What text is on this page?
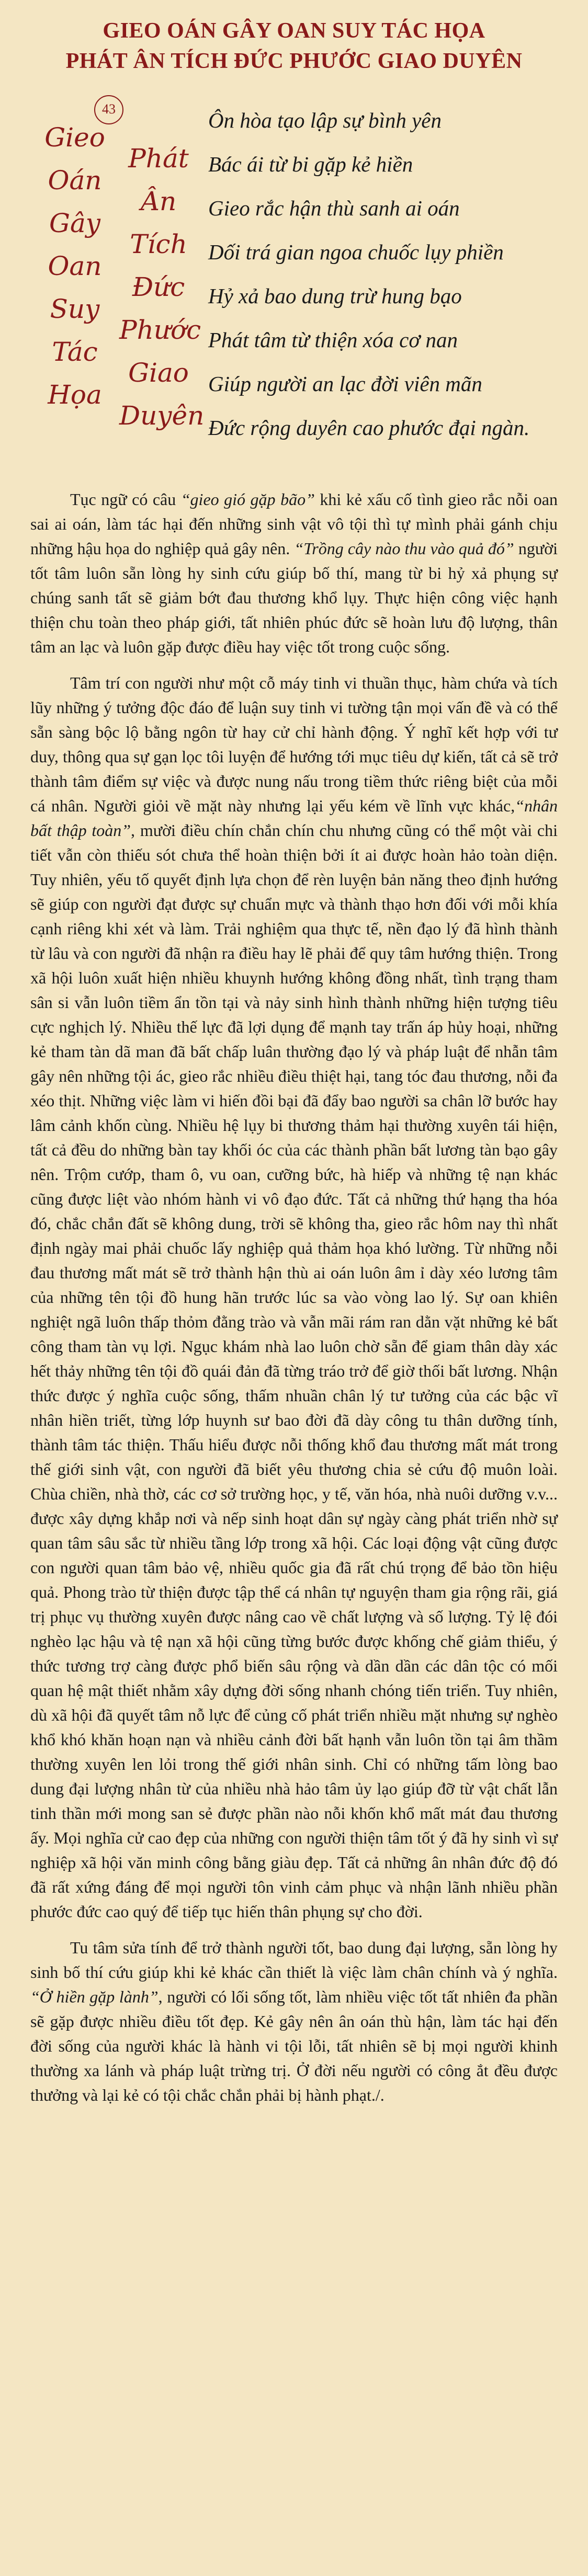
GIEO OÁN GÂY OAN SUY TÁC HỌA
PHÁT ÂN TÍCH ĐỨC PHƯỚC GIAO DUYÊN
43
Gieo
Oán
Gây
Oan
Suy
Tác
Họa
Phát
Ân
Tích
Đức
Phước
Giao
Duyên
Ôn hòa tạo lập sự bình yên
Bác ái từ bi gặp kẻ hiền
Gieo rắc hận thù sanh ai oán
Dối trá gian ngoa chuốc lụy phiền
Hỷ xả bao dung trừ hung bạo
Phát tâm từ thiện xóa cơ nan
Giúp người an lạc đời viên mãn
Đức rộng duyên cao phước đại ngàn.

Tục ngữ có câu “gieo gió gặp bão” khi kẻ xấu cố tình gieo rắc nỗi oan sai ai oán, làm tác hại đến những sinh vật vô tội thì tự mình phải gánh chịu những hậu họa do nghiệp quả gây nên. “Trồng cây nào thu vào quả đó” người tốt tâm luôn sẵn lòng hy sinh cứu giúp bố thí, mang từ bi hỷ xả phụng sự chúng sanh tất sẽ giảm bớt đau thương khổ lụy. Thực hiện công việc hạnh thiện chu toàn theo pháp giới, tất nhiên phúc đức sẽ hoàn lưu độ lượng, thân tâm an lạc và luôn gặp được điều hay việc tốt trong cuộc sống.

Tâm trí con người như một cỗ máy tinh vi thuần thục, hàm chứa và tích lũy những ý tưởng độc đáo để luận suy tinh vi tường tận mọi vấn đề và có thể sẵn sàng bộc lộ bằng ngôn từ hay cử chỉ hành động. Ý nghĩ kết hợp với tư duy, thông qua sự gạn lọc tôi luyện để hướng tới mục tiêu dự kiến, tất cả sẽ trở thành tâm điểm sự việc và được nung nấu trong tiềm thức riêng biệt của mỗi cá nhân. Người giỏi về mặt này nhưng lại yếu kém về lĩnh vực khác,“nhân bất thập toàn”, mười điều chín chắn chín chu nhưng cũng có thể một vài chi tiết vẫn còn thiếu sót chưa thể hoàn thiện bởi ít ai được hoàn hảo toàn diện. Tuy nhiên, yếu tố quyết định lựa chọn để rèn luyện bản năng theo định hướng sẽ giúp con người đạt được sự chuẩn mực và thành thạo hơn đối với mỗi khía cạnh riêng khi xét và làm. Trải nghiệm qua thực tế, nền đạo lý đã hình thành từ lâu và con người đã nhận ra điều hay lẽ phải để quy tâm hướng thiện. Trong xã hội luôn xuất hiện nhiều khuynh hướng không đồng nhất, tình trạng tham sân si vẫn luôn tiềm ẩn tồn tại và nảy sinh hình thành những hiện tượng tiêu cực nghịch lý. Nhiều thế lực đã lợi dụng để mạnh tay trấn áp hủy hoại, những kẻ tham tàn dã man đã bất chấp luân thường đạo lý và pháp luật để nhẫn tâm gây nên những tội ác, gieo rắc nhiều điều thiệt hại, tang tóc đau thương, nỗi đa xéo thịt. Những việc làm vi hiến đồi bại đã đẩy bao người sa chân lỡ bước hay lâm cảnh khốn cùng. Nhiều hệ lụy bi thương thảm hại thường xuyên tái hiện, tất cả đều do những bàn tay khối óc của các thành phần bất lương tàn bạo gây nên. Trộm cướp, tham ô, vu oan, cưỡng bức, hà hiếp và những tệ nạn khác cũng được liệt vào nhóm hành vi vô đạo đức. Tất cả những thứ hạng tha hóa đó, chắc chắn đất sẽ không dung, trời sẽ không tha, gieo rắc hôm nay thì nhất định ngày mai phải chuốc lấy nghiệp quả thảm họa khó lường. Từ những nỗi đau thương mất mát sẽ trở thành hận thù ai oán luôn âm ỉ dày xéo lương tâm của những tên tội đồ hung hãn trước lúc sa vào vòng lao lý. Sự oan khiên nghiệt ngã luôn thấp thỏm đằng trào và vẫn mãi rám ran dằn vặt những kẻ bất công tham tàn vụ lợi. Ngục khám nhà lao luôn chờ sẵn để giam thân dày xác hết thảy những tên tội đồ quái đản đã từng tráo trở để giờ thối bất lương. Nhận thức được ý nghĩa cuộc sống, thấm nhuần chân lý tư tưởng của các bậc vĩ nhân hiền triết, từng lớp huynh sư bao đời đã dày công tu thân dưỡng tính, thành tâm tác thiện. Thấu hiểu được nỗi thống khổ đau thương mất mát trong thế giới sinh vật, con người đã biết yêu thương chia sẻ cứu độ muôn loài. Chùa chiền, nhà thờ, các cơ sở trường học, y tế, văn hóa, nhà nuôi dưỡng v.v... được xây dựng khắp nơi và nếp sinh hoạt dân sự ngày càng phát triển nhờ sự quan tâm sâu sắc từ nhiều tầng lớp trong xã hội. Các loại động vật cũng được con người quan tâm bảo vệ, nhiều quốc gia đã rất chú trọng để bảo tồn hiệu quả. Phong trào từ thiện được tập thể cá nhân tự nguyện tham gia rộng rãi, giá trị phục vụ thường xuyên được nâng cao về chất lượng và số lượng. Tỷ lệ đói nghèo lạc hậu và tệ nạn xã hội cũng từng bước được khống chế giảm thiểu, ý thức tương trợ càng được phổ biến sâu rộng và dần dần các dân tộc có mối quan hệ mật thiết nhằm xây dựng đời sống nhanh chóng tiến triển. Tuy nhiên, dù xã hội đã quyết tâm nỗ lực để củng cố phát triển nhiều mặt nhưng sự nghèo khổ khó khăn hoạn nạn và nhiều cảnh đời bất hạnh vẫn luôn tồn tại âm thầm thường xuyên len lỏi trong thế giới nhân sinh. Chỉ có những tấm lòng bao dung đại lượng nhân từ của nhiều nhà hảo tâm ủy lạo giúp đỡ từ vật chất lẫn tinh thần mới mong san sẻ được phần nào nỗi khốn khổ mất mát đau thương ấy. Mọi nghĩa cử cao đẹp của những con người thiện tâm tốt ý đã hy sinh vì sự nghiệp xã hội văn minh công bằng giàu đẹp. Tất cả những ân nhân đức độ đó đã rất xứng đáng để mọi người tôn vinh cảm phục và nhận lãnh nhiều phần phước đức cao quý để tiếp tục hiến thân phụng sự cho đời.

Tu tâm sửa tính để trở thành người tốt, bao dung đại lượng, sẵn lòng hy sinh bố thí cứu giúp khi kẻ khác cần thiết là việc làm chân chính và ý nghĩa. “Ở hiền gặp lành”, người có lối sống tốt, làm nhiều việc tốt tất nhiên đa phần sẽ gặp được nhiều điều tốt đẹp. Kẻ gây nên ân oán thù hận, làm tác hại đến đời sống của người khác là hành vi tội lỗi, tất nhiên sẽ bị mọi người khinh thường xa lánh và pháp luật trừng trị. Ở đời nếu người có công ắt đều được thưởng và lại kẻ có tội chắc chắn phải bị hành phạt./.
